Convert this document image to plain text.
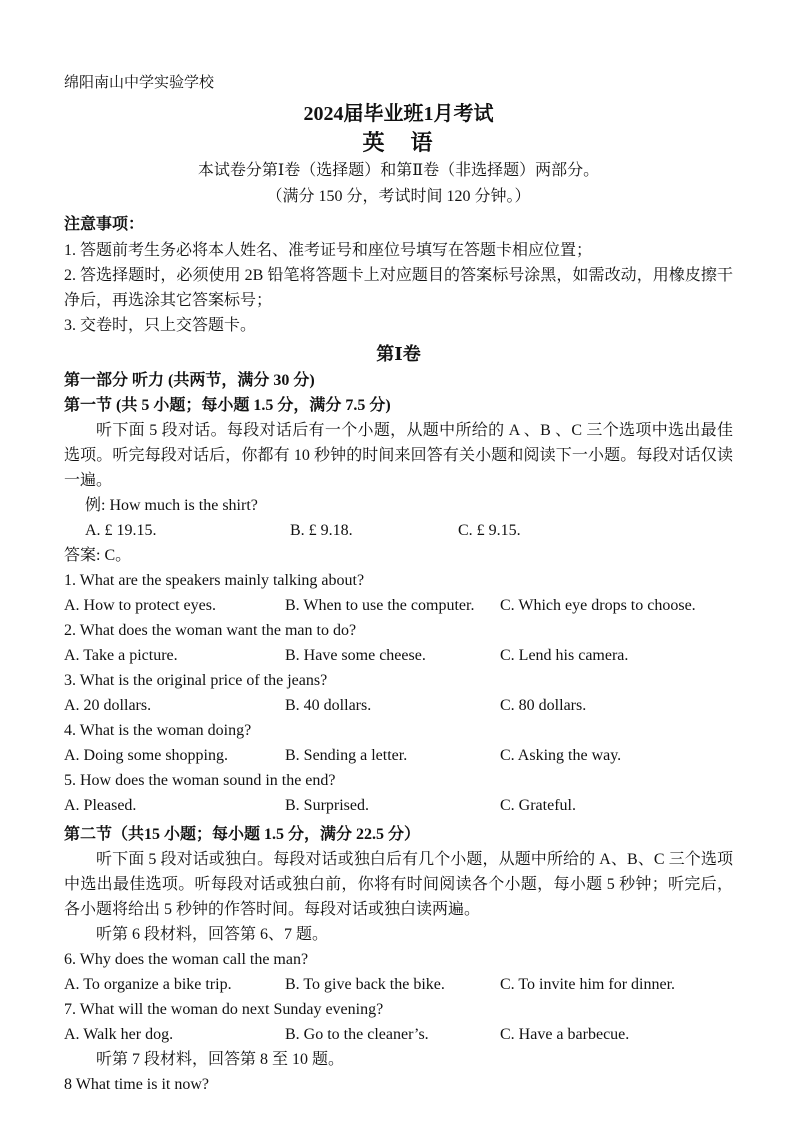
绵阳南山中学实验学校
2024届毕业班1月考试
英　语
本试卷分第Ⅰ卷（选择题）和第Ⅱ卷（非选择题）两部分。
（满分 150 分，考试时间 120 分钟。）
注意事项：
1. 答题前考生务必将本人姓名、准考证号和座位号填写在答题卡相应位置；
2. 答选择题时，必须使用 2B 铅笔将答题卡上对应题目的答案标号涂黑，如需改动，用橡皮擦干净后，再选涂其它答案标号；
3. 交卷时，只上交答题卡。
第Ⅰ卷
第一部分 听力 (共两节，满分 30 分)
第一节 (共 5 小题；每小题 1.5 分，满分 7.5 分)
听下面 5 段对话。每段对话后有一个小题，从题中所给的 A 、B 、C 三个选项中选出最佳选项。听完每段对话后，你都有 10 秒钟的时间来回答有关小题和阅读下一小题。每段对话仅读一遍。
例: How much is the shirt?
A. £ 19.15.	B. £ 9.18.	C. £ 9.15.
答案: C。
1. What are the speakers mainly talking about?
A. How to protect eyes.	B. When to use the computer.	C. Which eye drops to choose.
2. What does the woman want the man to do?
A. Take a picture.	B. Have some cheese.	C. Lend his camera.
3. What is the original price of the jeans?
A. 20 dollars.	B. 40 dollars.	C. 80 dollars.
4. What is the woman doing?
A. Doing some shopping.	B. Sending a letter.	C. Asking the way.
5. How does the woman sound in the end?
A. Pleased.	B. Surprised.	C. Grateful.
第二节（共15 小题；每小题 1.5 分，满分 22.5 分）
听下面 5 段对话或独白。每段对话或独白后有几个小题，从题中所给的 A、B、C 三个选项中选出最佳选项。听每段对话或独白前，你将有时间阅读各个小题，每小题 5 秒钟；听完后，各小题将给出 5 秒钟的作答时间。每段对话或独白读两遍。
听第 6 段材料，回答第 6、7 题。
6. Why does the woman call the man?
A. To organize a bike trip.	B. To give back the bike.	C. To invite him for dinner.
7. What will the woman do next Sunday evening?
A. Walk her dog.	B. Go to the cleaner’s.	C. Have a barbecue.
听第 7 段材料，回答第 8 至 10 题。
8 What time is it now?
